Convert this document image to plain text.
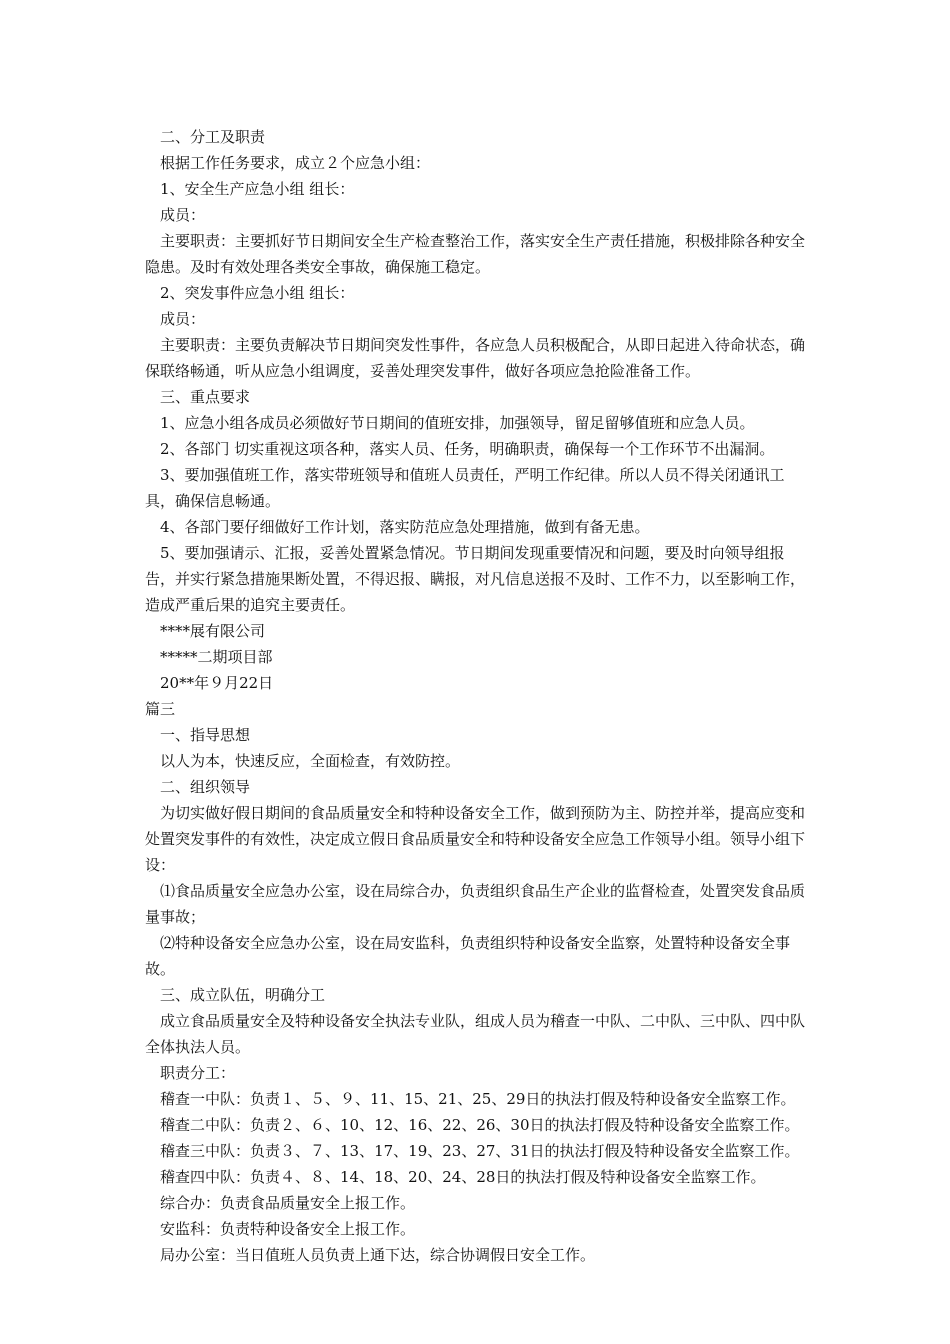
二、分工及职责

根据工作任务要求，成立２个应急小组：

1、安全生产应急小组 组长：

成员：

主要职责：主要抓好节日期间安全生产检查整治工作，落实安全生产责任措施，积极排除各种安全隐患。及时有效处理各类安全事故，确保施工稳定。

2、突发事件应急小组 组长：

成员：

主要职责：主要负责解决节日期间突发性事件，各应急人员积极配合，从即日起进入待命状态，确保联络畅通，听从应急小组调度，妥善处理突发事件，做好各项应急抢险准备工作。

三、重点要求

1、应急小组各成员必须做好节日期间的值班安排，加强领导，留足留够值班和应急人员。

2、各部门 切实重视这项各种，落实人员、任务，明确职责，确保每一个工作环节不出漏洞。

3、要加强值班工作，落实带班领导和值班人员责任，严明工作纪律。所以人员不得关闭通讯工具，确保信息畅通。

4、各部门要仔细做好工作计划，落实防范应急处理措施，做到有备无患。

5、要加强请示、汇报，妥善处置紧急情况。节日期间发现重要情况和问题，要及时向领导组报告，并实行紧急措施果断处置，不得迟报、瞒报，对凡信息送报不及时、工作不力，以至影响工作，造成严重后果的追究主要责任。

****展有限公司

*****二期项目部

20**年９月22日

篇三

一、指导思想

以人为本，快速反应，全面检查，有效防控。

二、组织领导

为切实做好假日期间的食品质量安全和特种设备安全工作，做到预防为主、防控并举，提高应变和处置突发事件的有效性，决定成立假日食品质量安全和特种设备安全应急工作领导小组。领导小组下设：

⑴食品质量安全应急办公室，设在局综合办，负责组织食品生产企业的监督检查，处置突发食品质量事故；

⑵特种设备安全应急办公室，设在局安监科，负责组织特种设备安全监察，处置特种设备安全事故。

三、成立队伍，明确分工

成立食品质量安全及特种设备安全执法专业队，组成人员为稽查一中队、二中队、三中队、四中队全体执法人员。

职责分工：

稽查一中队：负责１、５、９、11、15、21、25、29日的执法打假及特种设备安全监察工作。

稽查二中队：负责２、６、10、12、16、22、26、30日的执法打假及特种设备安全监察工作。

稽查三中队：负责３、７、13、17、19、23、27、31日的执法打假及特种设备安全监察工作。

稽查四中队：负责４、８、14、18、20、24、28日的执法打假及特种设备安全监察工作。

综合办：负责食品质量安全上报工作。

安监科：负责特种设备安全上报工作。

局办公室：当日值班人员负责上通下达，综合协调假日安全工作。
